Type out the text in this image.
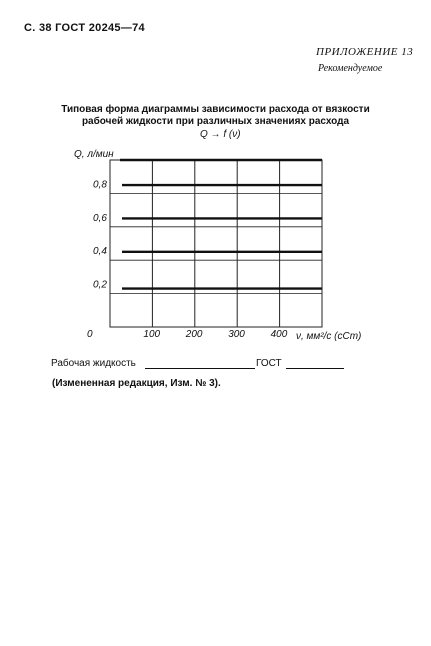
С. 38 ГОСТ 20245—74
ПРИЛОЖЕНИЕ 13
Рекомендуемое
Типовая форма диаграммы зависимости расхода от вязкости
рабочей жидкости при различных значениях расхода
Q → f (ν)
Q, л/мин
0,8
0,6
0,4
0,2
0	100	200	300	400 ν, мм²/с (сСт)
Рабочая жидкость	ГОСТ
(Измененная редакция, Изм. № 3).
